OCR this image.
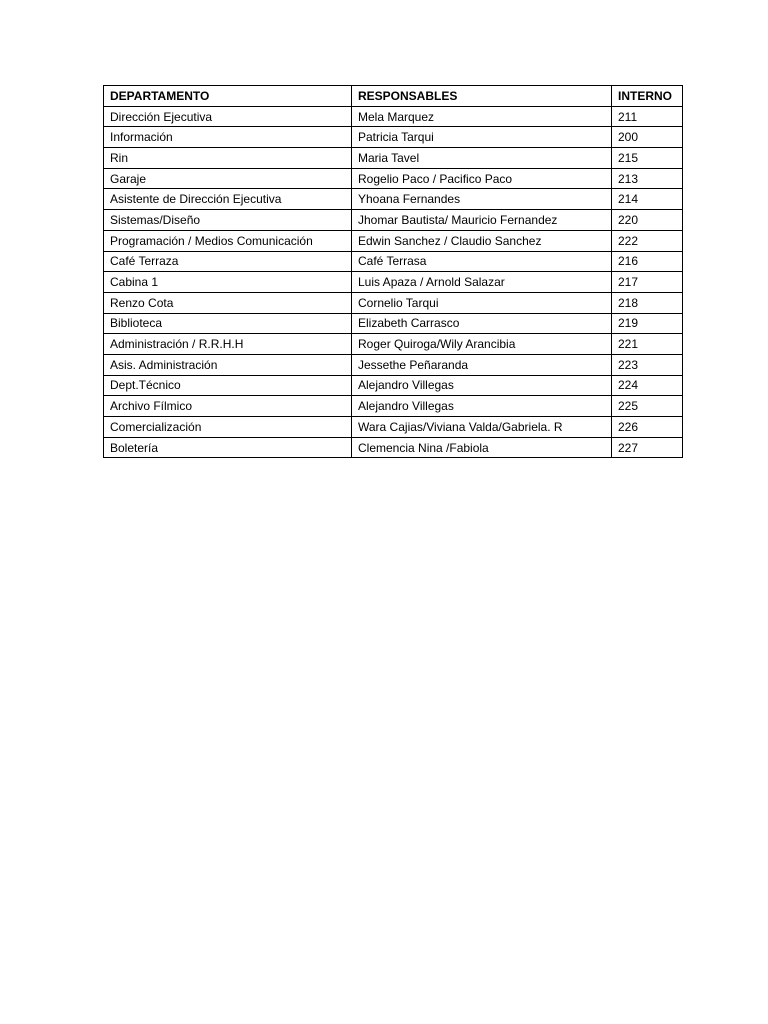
DEPARTAMENTO	RESPONSABLES	INTERNO
Dirección Ejecutiva	Mela Marquez	211
Información	Patricia Tarqui	200
Rin	Maria Tavel	215
Garaje	Rogelio Paco / Pacifico Paco	213
Asistente de Dirección Ejecutiva	Yhoana Fernandes	214
Sistemas/Diseño	Jhomar Bautista/ Mauricio Fernandez	220
Programación / Medios Comunicación	Edwin Sanchez / Claudio Sanchez	222
Café Terraza	Café Terrasa	216
Cabina 1	Luis Apaza / Arnold Salazar	217
Renzo Cota	Cornelio Tarqui	218
Biblioteca	Elizabeth Carrasco	219
Administración / R.R.H.H	Roger Quiroga/Wily Arancibia	221
Asis. Administración	Jessethe Peñaranda	223
Dept.Técnico	Alejandro Villegas	224
Archivo Fílmico	Alejandro Villegas	225
Comercialización	Wara Cajias/Viviana Valda/Gabriela. R	226
Boletería	Clemencia Nina /Fabiola	227
